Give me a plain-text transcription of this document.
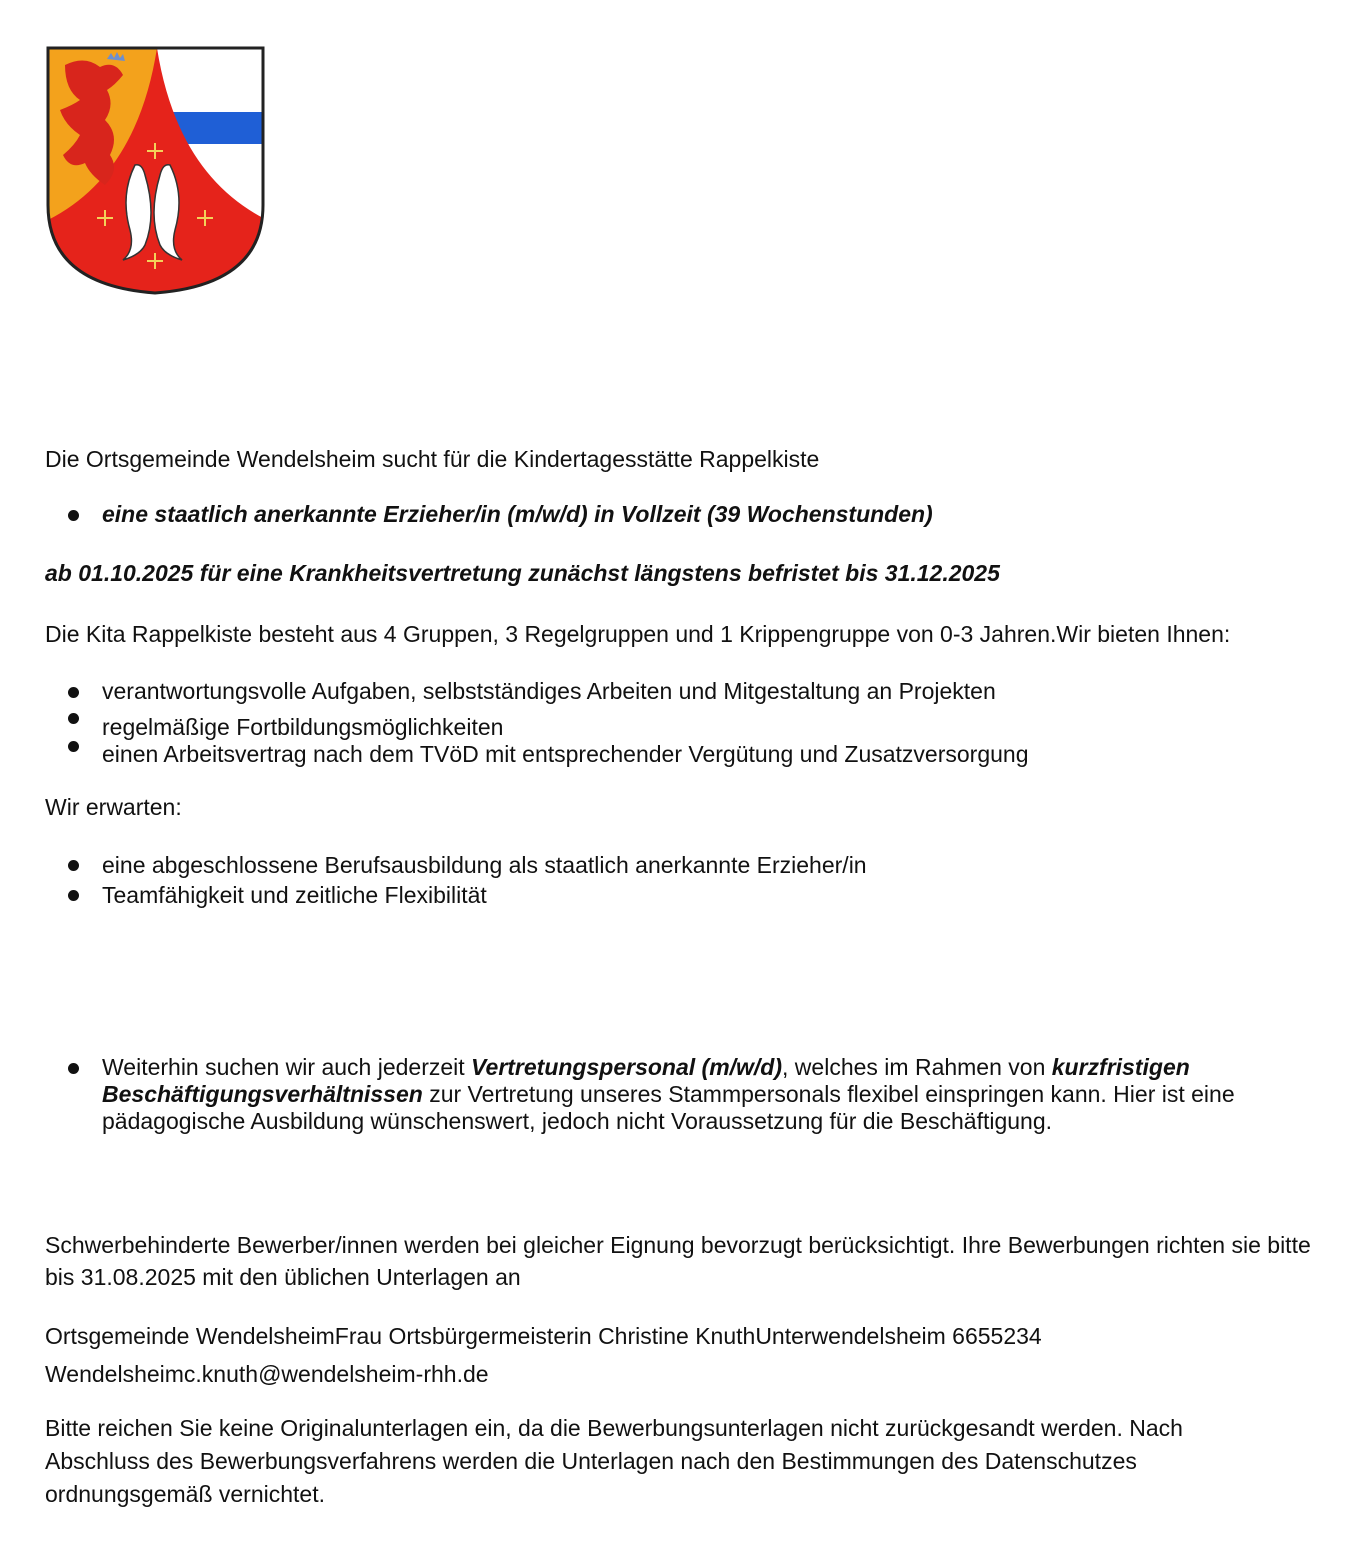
Die Ortsgemeinde Wendelsheim sucht für die Kindertagesstätte Rappelkiste
eine staatlich anerkannte Erzieher/in (m/w/d) in Vollzeit (39 Wochenstunden)
ab 01.10.2025 für eine Krankheitsvertretung zunächst längstens befristet bis 31.12.2025
Die Kita Rappelkiste besteht aus 4 Gruppen, 3 Regelgruppen und 1 Krippengruppe von 0-3 Jahren.Wir bieten Ihnen:
verantwortungsvolle Aufgaben, selbstständiges Arbeiten und Mitgestaltung an Projekten
regelmäßige Fortbildungsmöglichkeiten
einen Arbeitsvertrag nach dem TVöD mit entsprechender Vergütung und Zusatzversorgung
Wir erwarten:
eine abgeschlossene Berufsausbildung als staatlich anerkannte Erzieher/in
Teamfähigkeit und zeitliche Flexibilität
Weiterhin suchen wir auch jederzeit Vertretungspersonal (m/w/d), welches im Rahmen von kurzfristigen Beschäftigungsverhältnissen zur Vertretung unseres Stammpersonals flexibel einspringen kann. Hier ist eine pädagogische Ausbildung wünschenswert, jedoch nicht Voraussetzung für die Beschäftigung.
Schwerbehinderte Bewerber/innen werden bei gleicher Eignung bevorzugt berücksichtigt. Ihre Bewerbungen richten sie bitte bis 31.08.2025 mit den üblichen Unterlagen an
Ortsgemeinde WendelsheimFrau Ortsbürgermeisterin Christine KnuthUnterwendelsheim 6655234
Wendelsheimc.knuth@wendelsheim-rhh.de
Bitte reichen Sie keine Originalunterlagen ein, da die Bewerbungsunterlagen nicht zurückgesandt werden. Nach Abschluss des Bewerbungsverfahrens werden die Unterlagen nach den Bestimmungen des Datenschutzes ordnungsgemäß vernichtet.
